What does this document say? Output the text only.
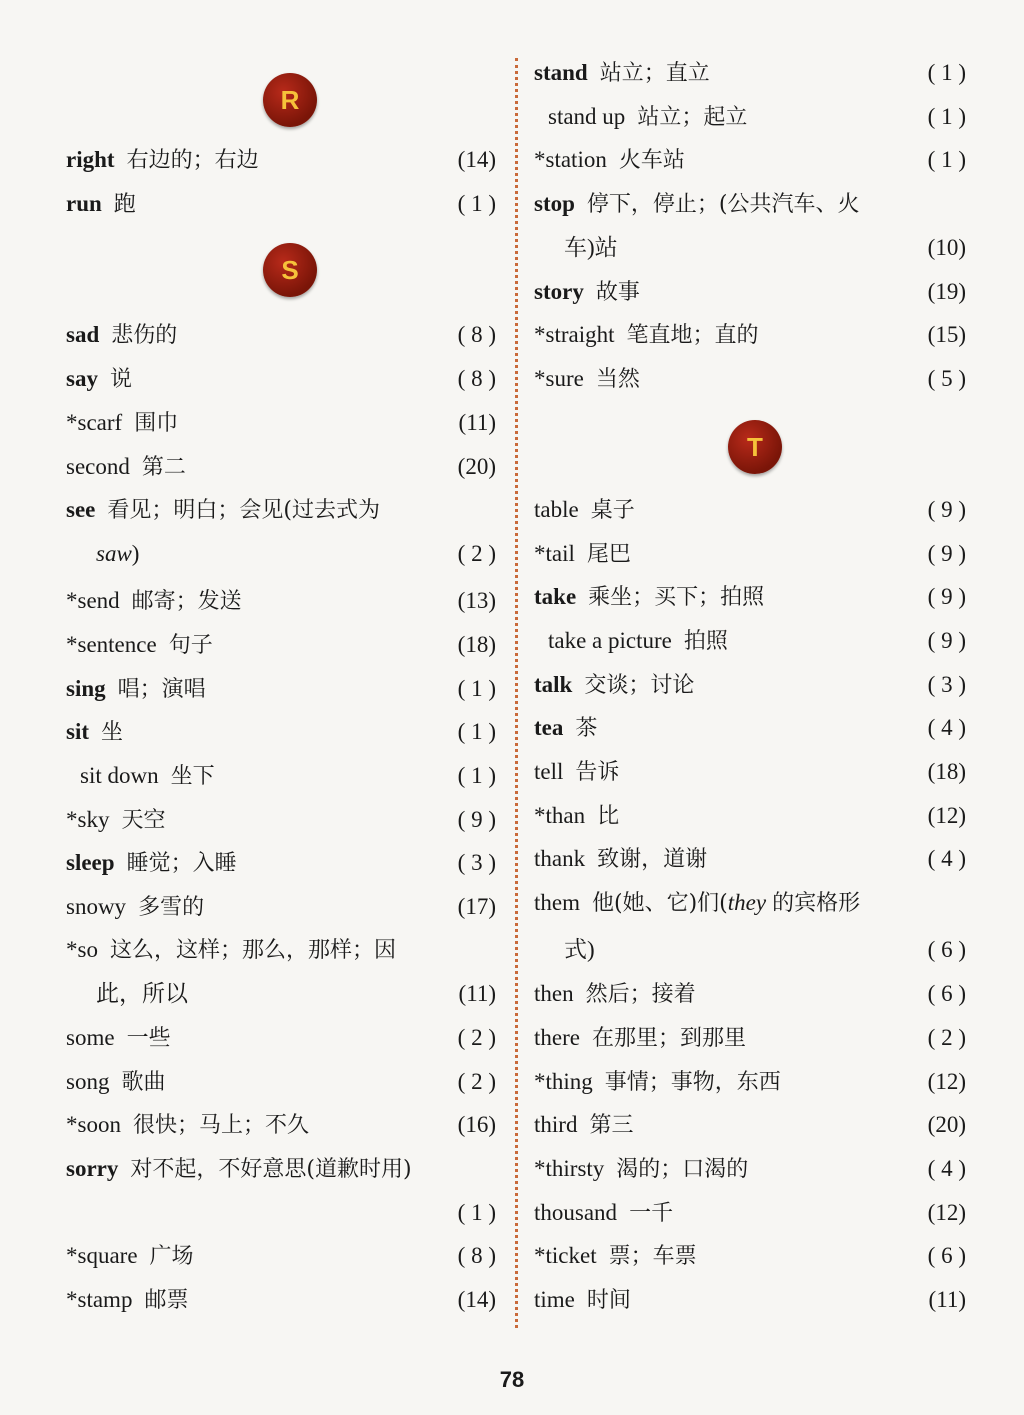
R
right 右边的；右边	(14)
run 跑	( 1 )
S
sad 悲伤的	( 8 )
say 说	( 8 )
*scarf 围巾	(11)
second 第二	(20)
see 看见；明白；会见(过去式为
saw)	( 2 )
*send 邮寄；发送	(13)
*sentence 句子	(18)
sing 唱；演唱	( 1 )
sit 坐	( 1 )
sit down 坐下	( 1 )
*sky 天空	( 9 )
sleep 睡觉；入睡	( 3 )
snowy 多雪的	(17)
*so 这么，这样；那么，那样；因
此，所以	(11)
some 一些	( 2 )
song 歌曲	( 2 )
*soon 很快；马上；不久	(16)
sorry 对不起，不好意思(道歉时用)
( 1 )
*square 广场	( 8 )
*stamp 邮票	(14)
stand 站立；直立	( 1 )
stand up 站立；起立	( 1 )
*station 火车站	( 1 )
stop 停下，停止；(公共汽车、火
车)站	(10)
story 故事	(19)
*straight 笔直地；直的	(15)
*sure 当然	( 5 )
T
table 桌子	( 9 )
*tail 尾巴	( 9 )
take 乘坐；买下；拍照	( 9 )
take a picture 拍照	( 9 )
talk 交谈；讨论	( 3 )
tea 茶	( 4 )
tell 告诉	(18)
*than 比	(12)
thank 致谢，道谢	( 4 )
them 他(她、它)们(they 的宾格形
式)	( 6 )
then 然后；接着	( 6 )
there 在那里；到那里	( 2 )
*thing 事情；事物，东西	(12)
third 第三	(20)
*thirsty 渴的；口渴的	( 4 )
thousand 一千	(12)
*ticket 票；车票	( 6 )
time 时间	(11)
78
